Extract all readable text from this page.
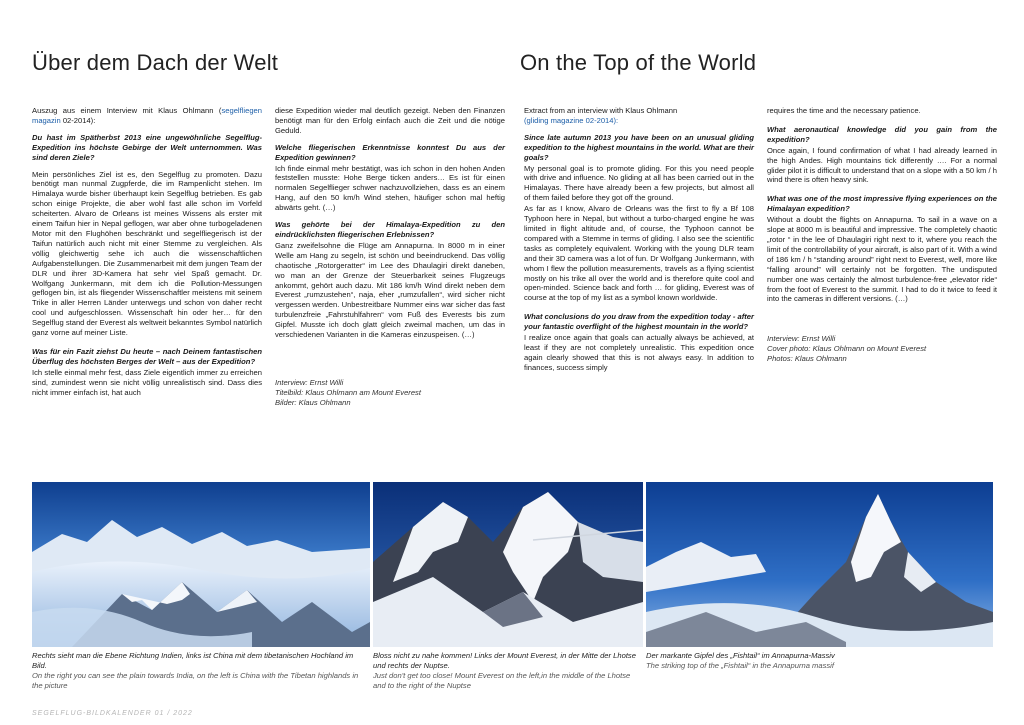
Über dem Dach der Welt	On the Top of the World

Auszug aus einem Interview mit Klaus Ohlmann (segelfliegen magazin 02-2014):

Du hast im Spätherbst 2013 eine ungewöhnliche Segelflug-Expedition ins höchste Gebirge der Welt unternommen. Was sind deren Ziele?

Mein persönliches Ziel ist es, den Segelflug zu promoten. Dazu benötigt man nunmal Zugpferde, die im Rampenlicht stehen. Im Himalaya wurde bisher überhaupt kein Segelflug betrieben. Es gab schon einige Projekte, die aber wohl fast alle schon im Vorfeld scheiterten. Alvaro de Orleans ist meines Wissens als erster mit einem Taifun hier in Nepal geflogen, war aber ohne turbogeladenen Motor mit den Flughöhen beschränkt und segelfliegerisch ist der Taifun natürlich auch nicht mit einer Stemme zu vergleichen. Als völlig gleichwertig sehe ich auch die wissenschaftlichen Aufgabenstellungen. Die Zusammenarbeit mit dem jungen Team der DLR und ihrer 3D-Kamera hat sehr viel Spaß gemacht. Dr. Wolfgang Junkermann, mit dem ich die Pollution-Messungen geflogen bin, ist als fliegender Wissenschaftler meistens mit seinem Trike in aller Herren Länder unterwegs und schon von daher recht cool und aufgeschlossen. Wissenschaft hin oder her… für den Segelflug stand der Everest als weltweit bekanntes Symbol natürlich ganz vorne auf meiner Liste.

Was für ein Fazit ziehst Du heute – nach Deinem fantastischen Überflug des höchsten Berges der Welt – aus der Expedition?

Ich stelle einmal mehr fest, dass Ziele eigentlich immer zu erreichen sind, zumindest wenn sie nicht völlig unrealistisch sind. Dass dies nicht immer einfach ist, hat auch

diese Expedition wieder mal deutlich gezeigt. Neben den Finanzen benötigt man für den Erfolg einfach auch die Zeit und die nötige Geduld.

Welche fliegerischen Erkenntnisse konntest Du aus der Expedition gewinnen?

Ich finde einmal mehr bestätigt, was ich schon in den hohen Anden feststellen musste: Hohe Berge ticken anders… Es ist für einen normalen Segelflieger schwer nachzuvollziehen, dass es an einem Hang, auf den 50 km/h Wind stehen, häufiger schon mal heftig abwärts geht. (…)

Was gehörte bei der Himalaya-Expedition zu den eindrücklichsten fliegerischen Erlebnissen?

Ganz zweifelsohne die Flüge am Annapurna. In 8000 m in einer Welle am Hang zu segeln, ist schön und beeindruckend. Das völlig chaotische „Rotorgeratter“ im Lee des Dhaulagiri direkt daneben, wo man an der Grenze der Steuerbarkeit seines Flugzeugs ankommt, gehört auch dazu. Mit 186 km/h Wind direkt neben dem Everest „rumzustehen“, naja, eher „rumzufallen“, wird sicher nicht vergessen werden. Unbestreitbare Nummer eins war sicher das fast turbulenzfreie „Fahrstuhlfahren“ vom Fuß des Everests bis zum Gipfel. Musste ich doch glatt gleich zweimal machen, um das in verschiedenen Varianten in die Kameras einzuspeisen. (…)

Interview: Ernst Willi
Titelbild: Klaus Ohlmann am Mount Everest
Bilder: Klaus Ohlmann

Extract from an interview with Klaus Ohlmann
(gliding magazine 02-2014):

Since late autumn 2013 you have been on an unusual gliding expedition to the highest mountains in the world. What are their goals?

My personal goal is to promote gliding. For this you need people with drive and influence. No gliding at all has been carried out in the Himalayas. There have already been a few projects, but almost all of them failed before they got off the ground.

As far as I know, Alvaro de Orleans was the first to fly a Bf 108 Typhoon here in Nepal, but without a turbo-charged engine he was limited in flight altitude and, of course, the Typhoon cannot be compared with a Stemme in terms of gliding. I also see the scientific tasks as completely equivalent. Working with the young DLR team and their 3D camera was a lot of fun. Dr Wolfgang Junkermann, with whom I flew the pollution measurements, travels as a flying scientist mostly on his trike all over the world and is therefore quite cool and open-minded. Science back and forth … for gliding, Everest was of course at the top of my list as a symbol known worldwide.

What conclusions do you draw from the expedition today - after your fantastic overflight of the highest mountain in the world?

I realize once again that goals can actually always be achieved, at least if they are not completely unrealistic. This expedition once again clearly showed that this is not always easy. In addition to finances, success simply

requires the time and the necessary patience.

What aeronautical knowledge did you gain from the expedition?

Once again, I found confirmation of what I had already learned in the high Andes. High mountains tick differently …. For a normal glider pilot it is difficult to understand that on a slope with a 50 km / h wind there is often heavy sink.

What was one of the most impressive flying experiences on the Himalayan expedition?

Without a doubt the flights on Annapurna. To sail in a wave on a slope at 8000 m is beautiful and impressive. The completely chaotic „rotor “ in the lee of Dhaulagiri right next to it, where you reach the limit of the controllability of your aircraft, is also part of it. With a wind of 186 km / h “standing around” right next to Everest, well, more like “falling around” will certainly not be forgotten. The undisputed number one was certainly the almost turbulence-free „elevator ride“ from the foot of Everest to the summit. I had to do it twice to feed it into the cameras in different versions. (…)

Interview: Ernst Willi
Cover photo: Klaus Ohlmann on Mount Everest
Photos: Klaus Ohlmann
Rechts sieht man die Ebene Richtung Indien, links ist China mit dem tibetanischen Hochland im Bild.
On the right you can see the plain towards India, on the left is China with the Tibetan highlands in the picture
Bloss nicht zu nahe kommen! Links der Mount Everest, in der Mitte der Lhotse und rechts der Nuptse.
Just don't get too close! Mount Everest on the left,in the middle of the Lhotse and to the right of the Nuptse
Der markante Gipfel des „Fishtail“ im Annapurna-Massiv
The striking top of the „Fishtail“ in the Annapurna massif
SEGELFLUG-BILDKALENDER 01 / 2022
